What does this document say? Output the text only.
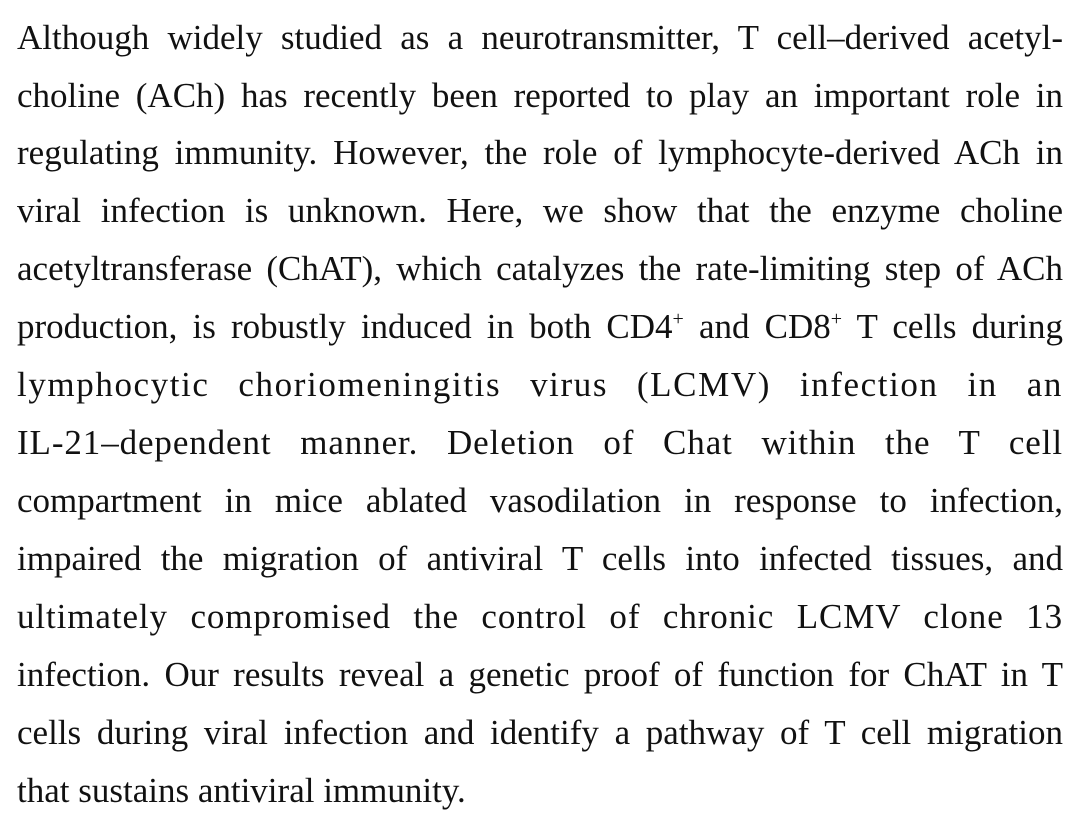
Although widely studied as a neurotransmitter, T cell–derived acetyl-

choline (ACh) has recently been reported to play an important role in

regulating immunity. However, the role of lymphocyte-derived ACh in

viral infection is unknown. Here, we show that the enzyme choline

acetyltransferase (ChAT), which catalyzes the rate-limiting step of ACh

production, is robustly induced in both CD4+ and CD8+ T cells during

lymphocytic choriomeningitis virus (LCMV) infection in an

IL-21–dependent manner. Deletion of Chat within the T cell

compartment in mice ablated vasodilation in response to infection,

impaired the migration of antiviral T cells into infected tissues, and

ultimately compromised the control of chronic LCMV clone 13

infection. Our results reveal a genetic proof of function for ChAT in T

cells during viral infection and identify a pathway of T cell migration

that sustains antiviral immunity.
